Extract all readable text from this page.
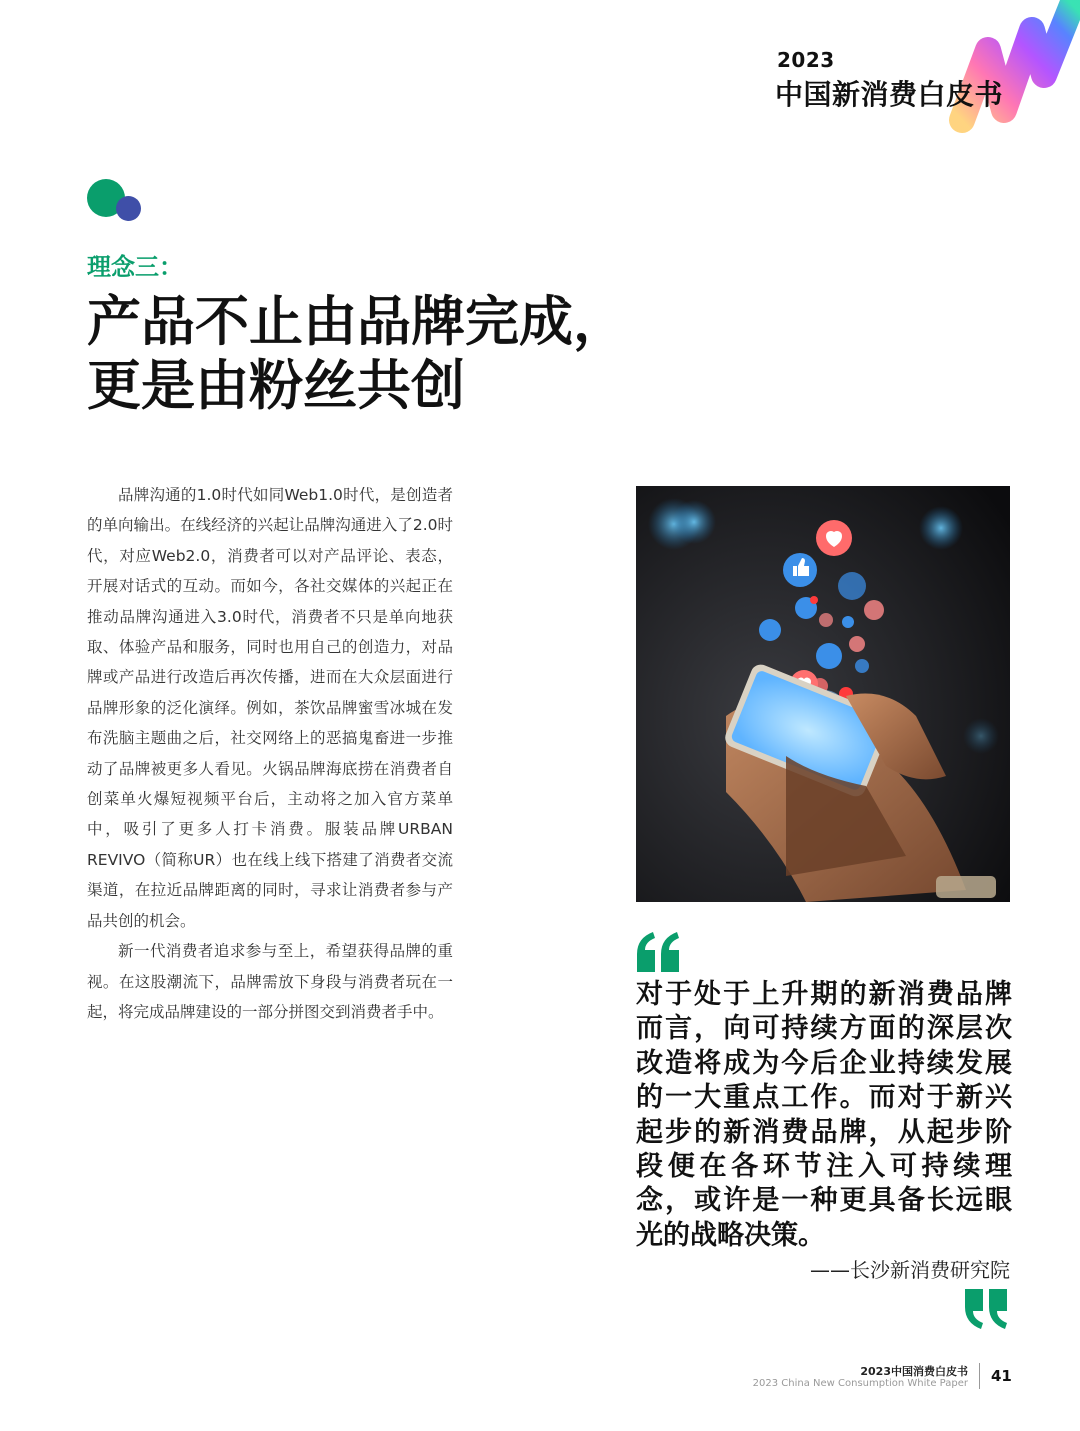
2023
中国新消费白皮书
理念三：
产品不止由品牌完成，
更是由粉丝共创

品牌沟通的1.0时代如同Web1.0时代，是创造者的单向输出。在线经济的兴起让品牌沟通进入了2.0时代，对应Web2.0，消费者可以对产品评论、表态，开展对话式的互动。而如今，各社交媒体的兴起正在推动品牌沟通进入3.0时代，消费者不只是单向地获取、体验产品和服务，同时也用自己的创造力，对品牌或产品进行改造后再次传播，进而在大众层面进行品牌形象的泛化演绎。例如，茶饮品牌蜜雪冰城在发布洗脑主题曲之后，社交网络上的恶搞鬼畜进一步推动了品牌被更多人看见。火锅品牌海底捞在消费者自创菜单火爆短视频平台后，主动将之加入官方菜单中，吸引了更多人打卡消费。服装品牌URBAN REVIVO（简称UR）也在线上线下搭建了消费者交流渠道，在拉近品牌距离的同时，寻求让消费者参与产品共创的机会。

新一代消费者追求参与至上，希望获得品牌的重视。在这股潮流下，品牌需放下身段与消费者玩在一起，将完成品牌建设的一部分拼图交到消费者手中。

对于处于上升期的新消费品牌而言，向可持续方面的深层次改造将成为今后企业持续发展的一大重点工作。而对于新兴起步的新消费品牌，从起步阶段便在各环节注入可持续理念，或许是一种更具备长远眼光的战略决策。
——长沙新消费研究院
2023中国消费白皮书
2023 China New Consumption White Paper 41
